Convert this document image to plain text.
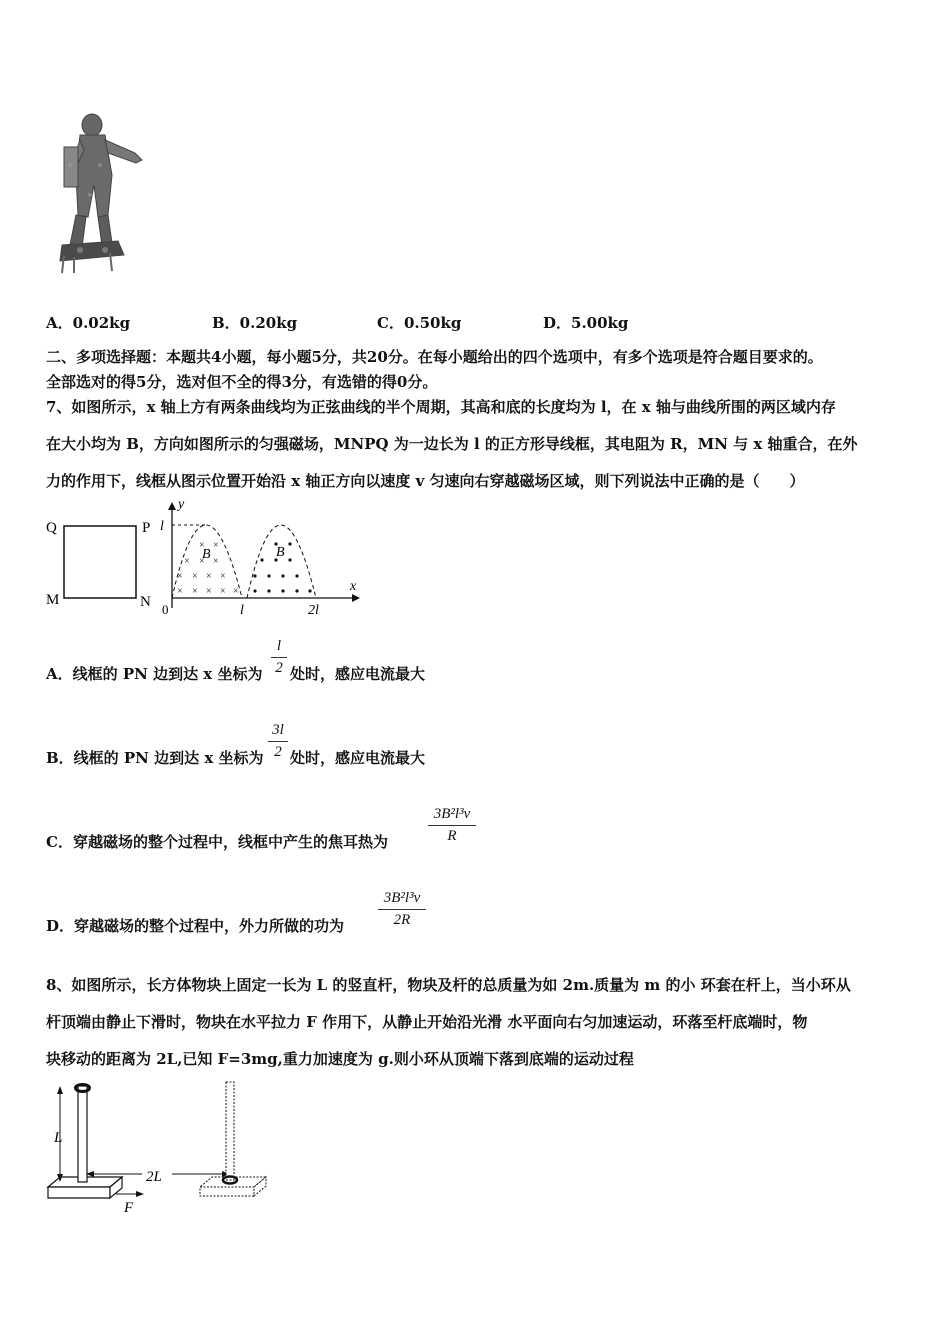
A．0.02kg	B．0.20kg	C．0.50kg	D．5.00kg
二、多项选择题：本题共4小题，每小题5分，共20分。在每小题给出的四个选项中，有多个选项是符合题目要求的。
全部选对的得5分，选对但不全的得3分，有选错的得0分。
7、如图所示，x 轴上方有两条曲线均为正弦曲线的半个周期，其高和底的长度均为 l，在 x 轴与曲线所围的两区域内存
在大小均为 B，方向如图所示的匀强磁场，MNPQ 为一边长为 l 的正方形导线框，其电阻为 R，MN 与 x 轴重合，在外
力的作用下，线框从图示位置开始沿 x 轴正方向以速度 v 匀速向右穿越磁场区域，则下列说法中正确的是（　　）
Q	P
M	N
y
x
0
l
l	2l
× ×
× × ×
× × × ×
× × × × ×
B	B
A．线框的 PN 边到达 x 坐标为 $\frac{l}{2}$ 处时，感应电流最大
B．线框的 PN 边到达 x 坐标为 $\frac{3l}{2}$ 处时，感应电流最大
C．穿越磁场的整个过程中，线框中产生的焦耳热为	$\frac{\text{3B²l³v}}{R}$
D．穿越磁场的整个过程中，外力所做的功为 $\frac{\text{3B²l³v}}{2R}$
8、如图所示，长方体物块上固定一长为 L 的竖直杆，物块及杆的总质量为如 2m.质量为 m 的小 环套在杆上，当小环从
杆顶端由静止下滑时，物块在水平拉力 F 作用下，从静止开始沿光滑 水平面向右匀加速运动，环落至杆底端时，物
块移动的距离为 2L,已知 F=3mg,重力加速度为 g.则小环从顶端下落到底端的运动过程
L
2L
F
